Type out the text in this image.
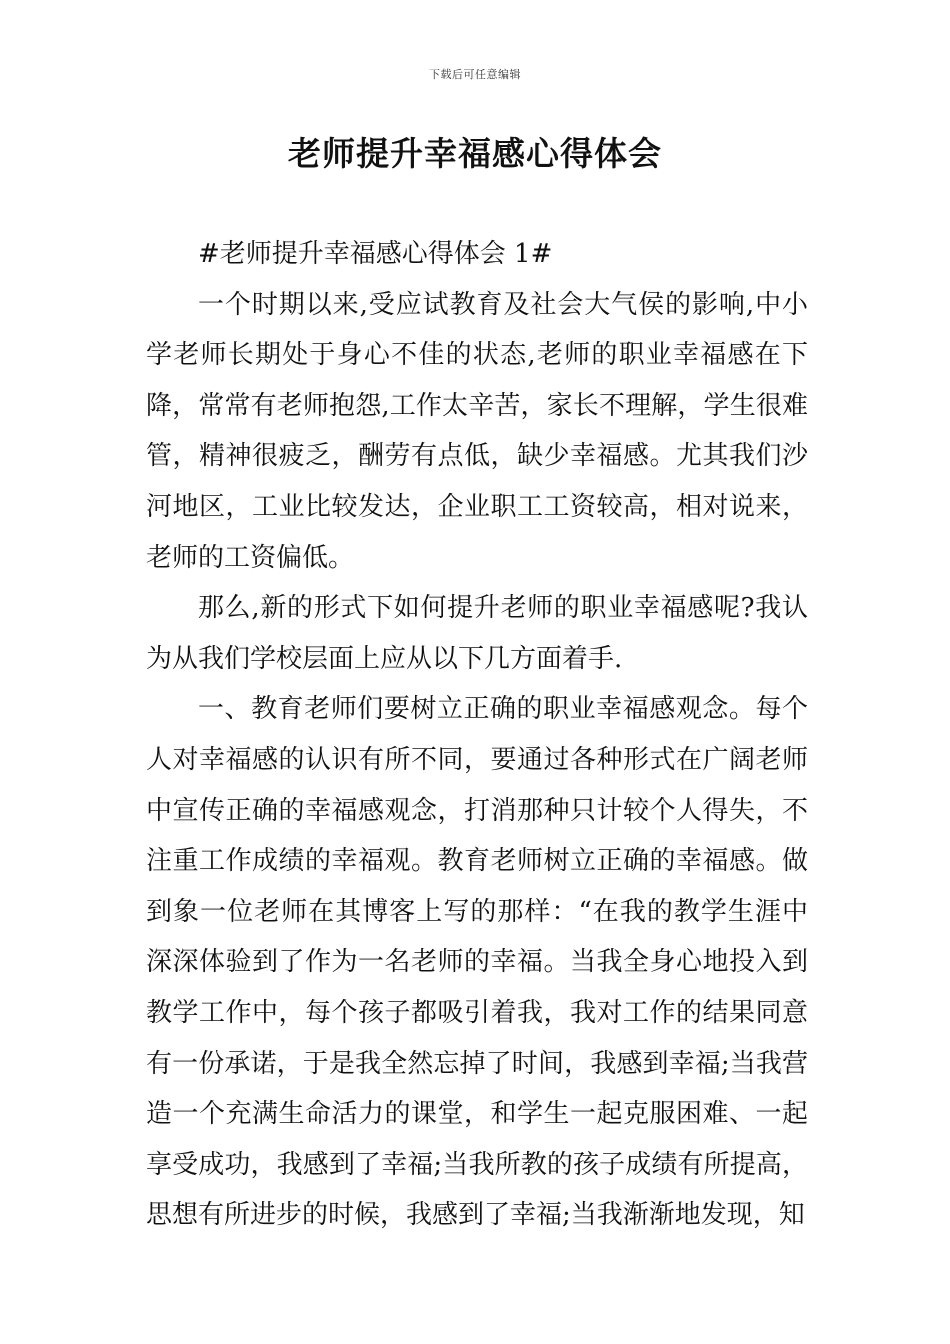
下载后可任意编辑
老师提升幸福感心得体会

#老师提升幸福感心得体会 1#

一个时期以来,受应试教育及社会大气侯的影响,中小学老师长期处于身心不佳的状态,老师的职业幸福感在下降，常常有老师抱怨,工作太辛苦，家长不理解，学生很难管，精神很疲乏，酬劳有点低，缺少幸福感。尤其我们沙河地区，工业比较发达，企业职工工资较高，相对说来，老师的工资偏低。

那么,新的形式下如何提升老师的职业幸福感呢?我认为从我们学校层面上应从以下几方面着手.

一、教育老师们要树立正确的职业幸福感观念。每个人对幸福感的认识有所不同，要通过各种形式在广阔老师中宣传正确的幸福感观念，打消那种只计较个人得失，不注重工作成绩的幸福观。教育老师树立正确的幸福感。做到象一位老师在其博客上写的那样：“在我的教学生涯中深深体验到了作为一名老师的幸福。当我全身心地投入到教学工作中，每个孩子都吸引着我，我对工作的结果同意有一份承诺，于是我全然忘掉了时间，我感到幸福;当我营造一个充满生命活力的课堂，和学生一起克服困难、一起享受成功，我感到了幸福;当我所教的孩子成绩有所提高，思想有所进步的时候，我感到了幸福;当我渐渐地发现，知
